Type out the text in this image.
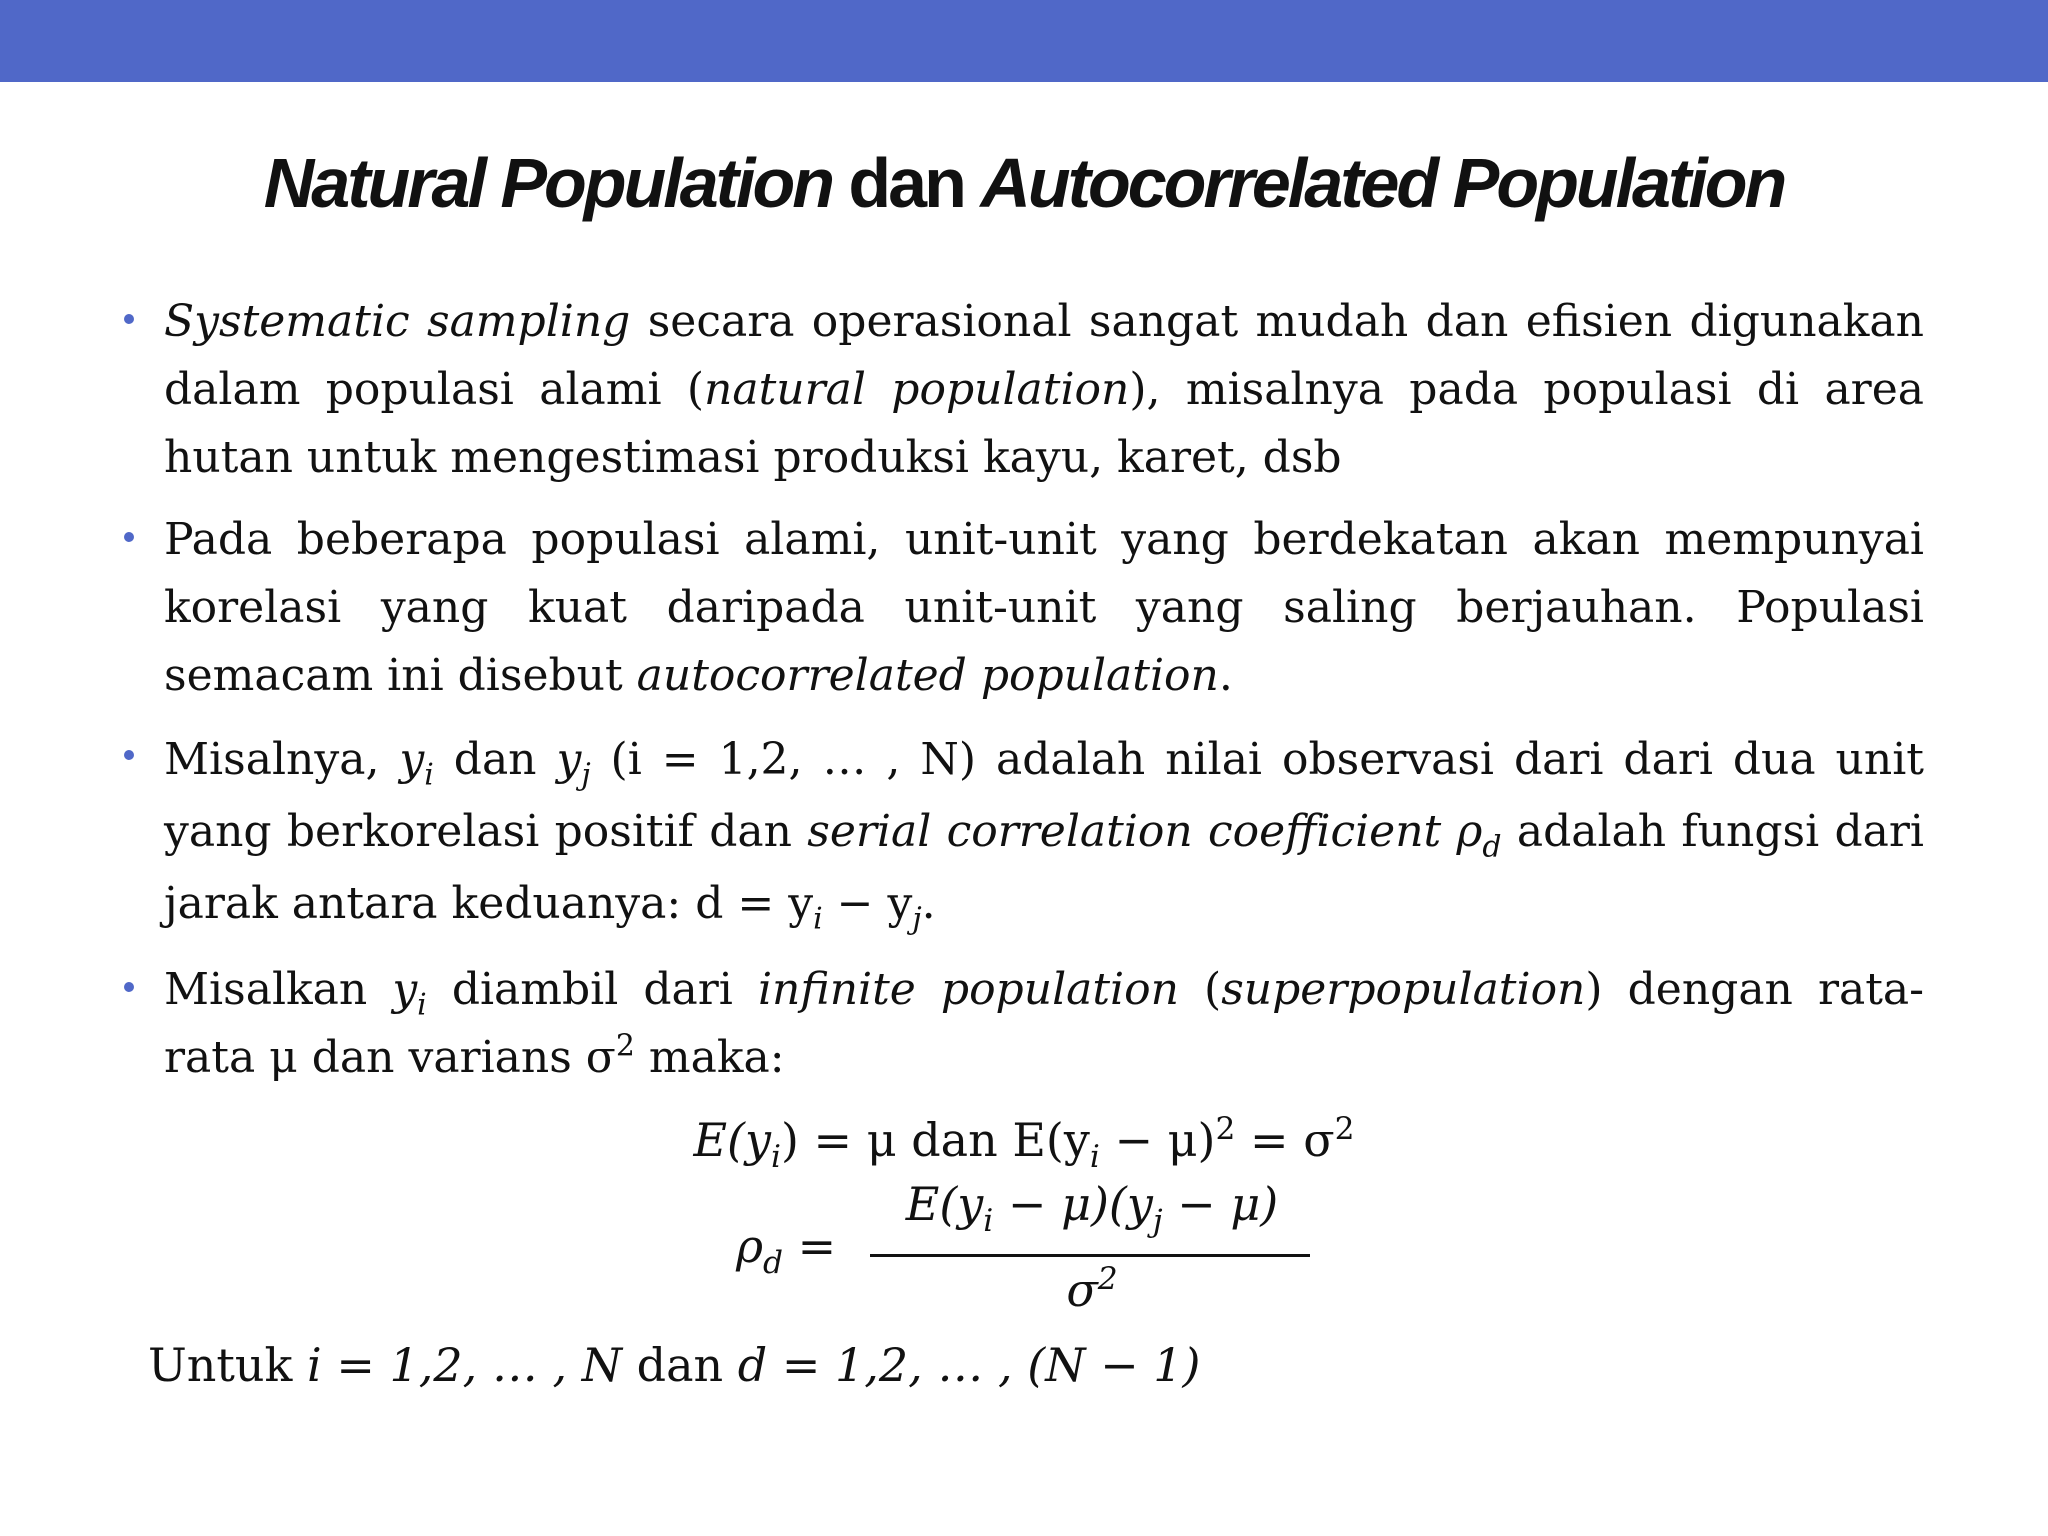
Natural Population dan Autocorrelated Population
Systematic sampling secara operasional sangat mudah dan efisien digunakan dalam populasi alami (natural population), misalnya pada populasi di area hutan untuk mengestimasi produksi kayu, karet, dsb
Pada beberapa populasi alami, unit-unit yang berdekatan akan mempunyai korelasi yang kuat daripada unit-unit yang saling berjauhan. Populasi semacam ini disebut autocorrelated population.
Misalnya, $y_i$ dan $y_j$ (i = 1,2, … , N) adalah nilai observasi dari dari dua unit yang berkorelasi positif dan serial correlation coefficient $\rho_d$ adalah fungsi dari jarak antara keduanya: $d = y_i - y_j$.
Misalkan $y_i$ diambil dari infinite population (superpopulation) dengan rata-rata μ dan varians $\sigma^2$ maka:
$E(y_i) = \mu$ dan $E(y_i - \mu)^2 = \sigma^2$
$\rho_d$ =
$E(y_i - \mu)(y_j - \mu)$
$\sigma^2$
Untuk i = 1,2, … , N dan d = 1,2, … , (N − 1)
